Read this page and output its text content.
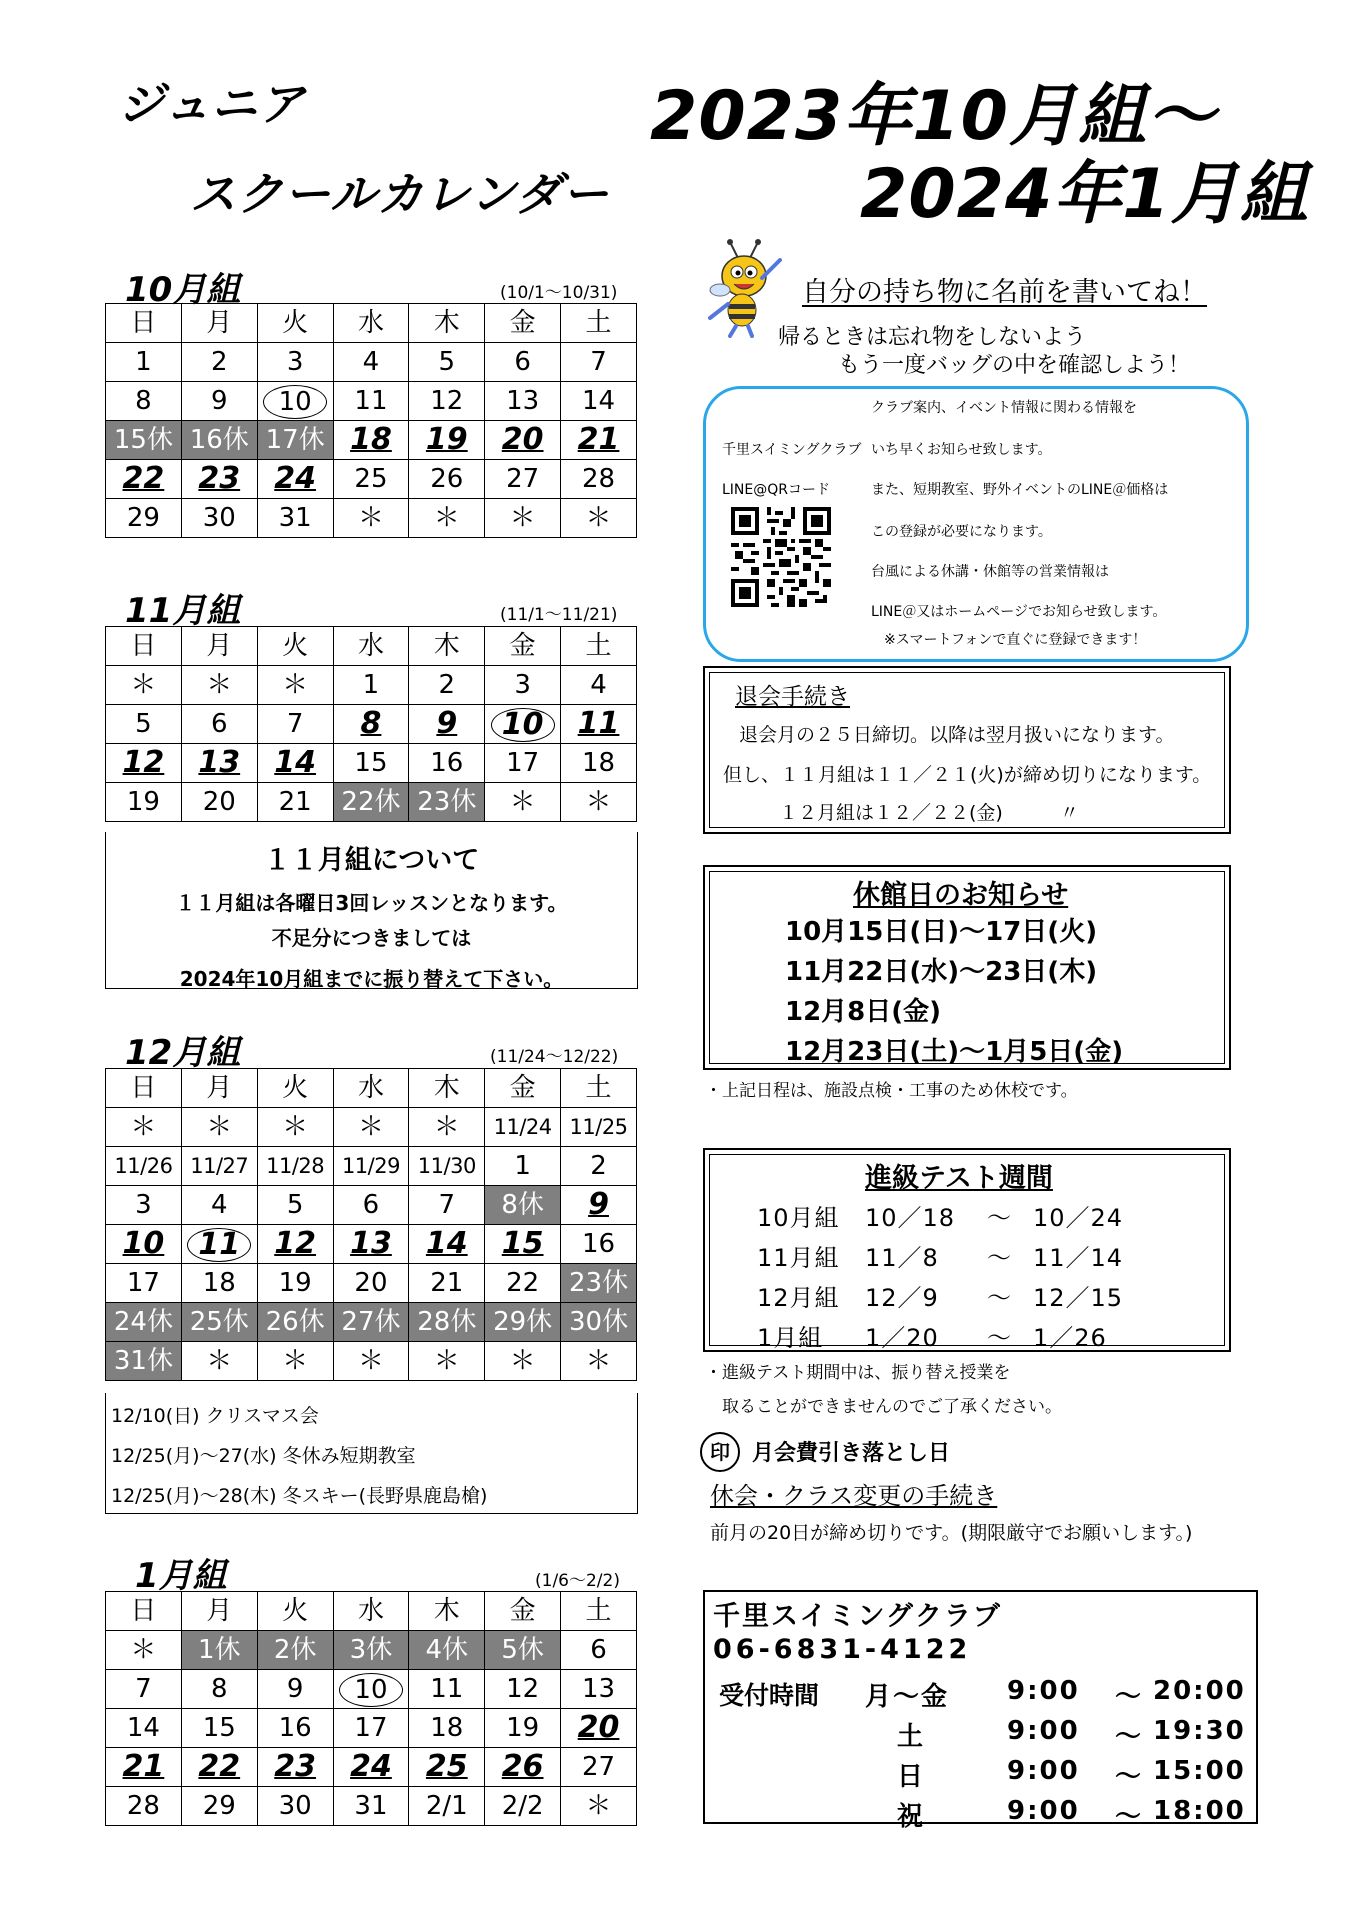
ジュニア
スクールカレンダー
2023年10月組～
2024年1月組
10月組	(10/1～10/31)
日	月	火	水	木	金	土
1	2	3	4	5	6	7
8	9	10	11	12	13	14
15休	16休	17休	18	19	20	21
22	23	24	25	26	27	28
29	30	31	＊	＊	＊	＊
11月組	(11/1～11/21)
日	月	火	水	木	金	土
＊	＊	＊	1	2	3	4
5	6	7	8	9	10	11
12	13	14	15	16	17	18
19	20	21	22休	23休	＊	＊
１１月組について
１１月組は各曜日3回レッスンとなります。
不足分につきましては
2024年10月組までに振り替えて下さい。
12月組	(11/24～12/22)
日	月	火	水	木	金	土
＊	＊	＊	＊	＊	11/24	11/25
11/26	11/27	11/28	11/29	11/30	1	2
3	4	5	6	7	8休	9
10	11	12	13	14	15	16
17	18	19	20	21	22	23休
24休	25休	26休	27休	28休	29休	30休
31休	＊	＊	＊	＊	＊	＊
12/10(日) クリスマス会
12/25(月)～27(水) 冬休み短期教室
12/25(月)～28(木) 冬スキー(長野県鹿島槍)
1月組	(1/6～2/2)
日	月	火	水	木	金	土
＊	1休	2休	3休	4休	5休	6
7	8	9	10	11	12	13
14	15	16	17	18	19	20
21	22	23	24	25	26	27
28	29	30	31	2/1	2/2	＊
自分の持ち物に名前を書いてね！
帰るときは忘れ物をしないよう
もう一度バッグの中を確認しよう！
千里スイミングクラブ
LINE@QRコード
クラブ案内、イベント情報に関わる情報を
いち早くお知らせ致します。
また、短期教室、野外イベントのLINE＠価格は
この登録が必要になります。
台風による休講・休館等の営業情報は
LINE＠又はホームページでお知らせ致します。
※スマートフォンで直ぐに登録できます！
退会手続き
退会月の２５日締切。以降は翌月扱いになります。
但し、１１月組は１１／２１(火)が締め切りになります。
１２月組は１２／２２(金)　　　〃
休館日のお知らせ
10月15日(日)～17日(火)
11月22日(水)～23日(木)
12月8日(金)
12月23日(土)～1月5日(金)
・上記日程は、施設点検・工事のため休校です。
進級テスト週間
10月組 10／18 ～ 10／24
11月組 11／8 ～ 11／14
12月組 12／9 ～ 12／15
1月組 1／20 ～ 1／26
・進級テスト期間中は、振り替え授業を
取ることができませんのでご了承ください。
印	月会費引き落とし日
休会・クラス変更の手続き
前月の20日が締め切りです。(期限厳守でお願いします。)
千里スイミングクラブ
06-6831-4122
受付時間 月～金 9:00 ～ 20:00
土	9:00 ～ 19:30
日	9:00 ～ 15:00
祝	9:00 ～ 18:00
